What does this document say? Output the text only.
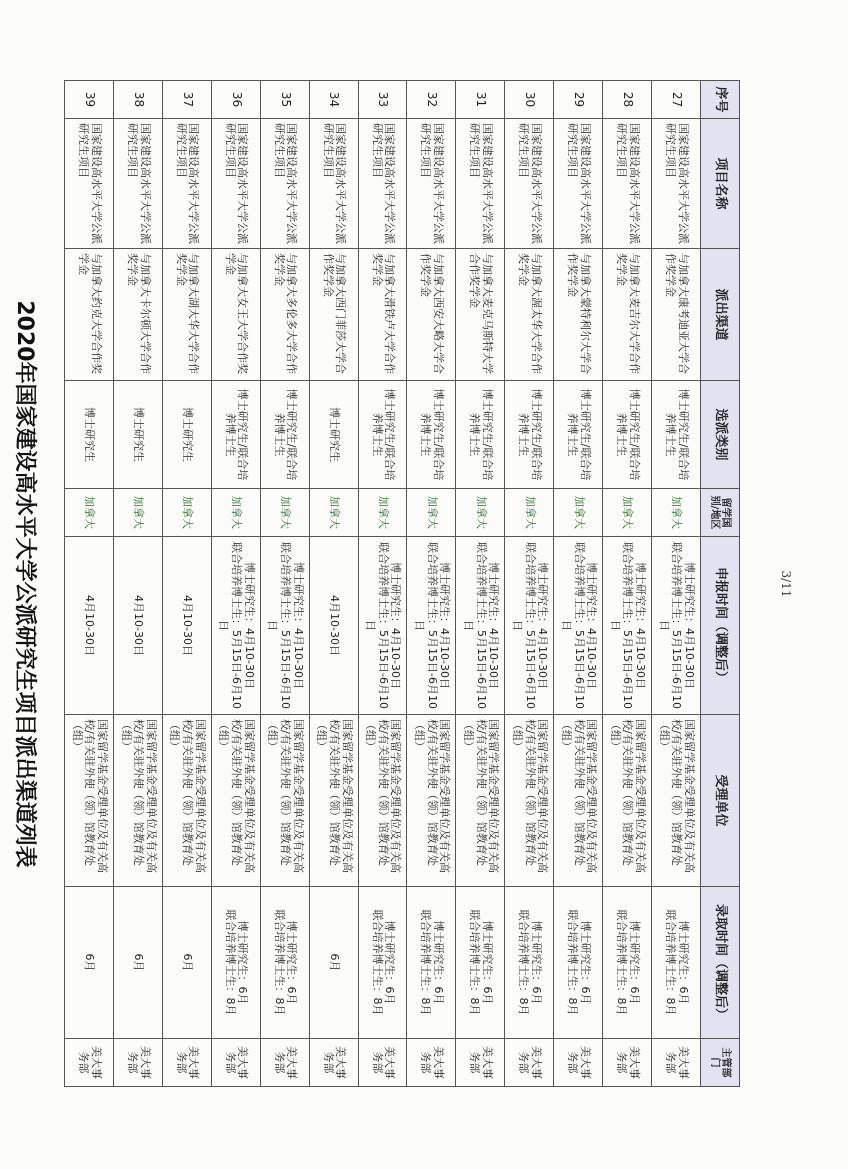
2020年国家建设高水平大学公派研究生项目派出渠道列表
序号	项目名称	派出渠道	选派类别	留学国别/地区	申报时间（调整后）	受理单位	录取时间（调整后）	主管部门
27	国家建设高水平大学公派研究生项目	与加拿大康考迪亚大学合作奖学金	博士研究生/联合培养博士生	加拿大	博士研究生：4月10-30日
联合培养博士生：5月15日-6月10日	国家留学基金受理单位及有关高校/有关驻外使（领）馆教育处（组）	博士研究生：6月
联合培养博士生：8月	美大事务部
28	国家建设高水平大学公派研究生项目	与加拿大麦吉尔大学合作奖学金	博士研究生/联合培养博士生	加拿大	博士研究生：4月10-30日
联合培养博士生：5月15日-6月10日	国家留学基金受理单位及有关高校/有关驻外使（领）馆教育处（组）	博士研究生：6月
联合培养博士生：8月	美大事务部
29	国家建设高水平大学公派研究生项目	与加拿大蒙特利尔大学合作奖学金	博士研究生/联合培养博士生	加拿大	博士研究生：4月10-30日
联合培养博士生：5月15日-6月10日	国家留学基金受理单位及有关高校/有关驻外使（领）馆教育处（组）	博士研究生：6月
联合培养博士生：8月	美大事务部
30	国家建设高水平大学公派研究生项目	与加拿大渥太华大学合作奖学金	博士研究生/联合培养博士生	加拿大	博士研究生：4月10-30日
联合培养博士生：5月15日-6月10日	国家留学基金受理单位及有关高校/有关驻外使（领）馆教育处（组）	博士研究生：6月
联合培养博士生：8月	美大事务部
31	国家建设高水平大学公派研究生项目	与加拿大麦克马斯特大学合作奖学金	博士研究生/联合培养博士生	加拿大	博士研究生：4月10-30日
联合培养博士生：5月15日-6月10日	国家留学基金受理单位及有关高校/有关驻外使（领）馆教育处（组）	博士研究生：6月
联合培养博士生：8月	美大事务部
32	国家建设高水平大学公派研究生项目	与加拿大西安大略大学合作奖学金	博士研究生/联合培养博士生	加拿大	博士研究生：4月10-30日
联合培养博士生：5月15日-6月10日	国家留学基金受理单位及有关高校/有关驻外使（领）馆教育处（组）	博士研究生：6月
联合培养博士生：8月	美大事务部
33	国家建设高水平大学公派研究生项目	与加拿大滑铁卢大学合作奖学金	博士研究生/联合培养博士生	加拿大	博士研究生：4月10-30日
联合培养博士生：5月15日-6月10日	国家留学基金受理单位及有关高校/有关驻外使（领）馆教育处（组）	博士研究生：6月
联合培养博士生：8月	美大事务部
34	国家建设高水平大学公派研究生项目	与加拿大西门菲莎大学合作奖学金	博士研究生	加拿大	4月10-30日	国家留学基金受理单位及有关高校/有关驻外使（领）馆教育处（组）	6月	美大事务部
35	国家建设高水平大学公派研究生项目	与加拿大多伦多大学合作奖学金	博士研究生/联合培养博士生	加拿大	博士研究生：4月10-30日
联合培养博士生：5月15日-6月10日	国家留学基金受理单位及有关高校/有关驻外使（领）馆教育处（组）	博士研究生：6月
联合培养博士生：8月	美大事务部
36	国家建设高水平大学公派研究生项目	与加拿大女王大学合作奖学金	博士研究生/联合培养博士生	加拿大	博士研究生：4月10-30日
联合培养博士生：5月15日-6月10日	国家留学基金受理单位及有关高校/有关驻外使（领）馆教育处（组）	博士研究生：6月
联合培养博士生：8月	美大事务部
37	国家建设高水平大学公派研究生项目	与加拿大湖大华大学合作奖学金	博士研究生	加拿大	4月10-30日	国家留学基金受理单位及有关高校/有关驻外使（领）馆教育处（组）	6月	美大事务部
38	国家建设高水平大学公派研究生项目	与加拿大卡尔顿大学合作奖学金	博士研究生	加拿大	4月10-30日	国家留学基金受理单位及有关高校/有关驻外使（领）馆教育处（组）	6月	美大事务部
39	国家建设高水平大学公派研究生项目	与加拿大约克大学合作奖学金	博士研究生	加拿大	4月10-30日	国家留学基金受理单位及有关高校/有关驻外使（领）馆教育处（组）	6月	美大事务部
3/11
